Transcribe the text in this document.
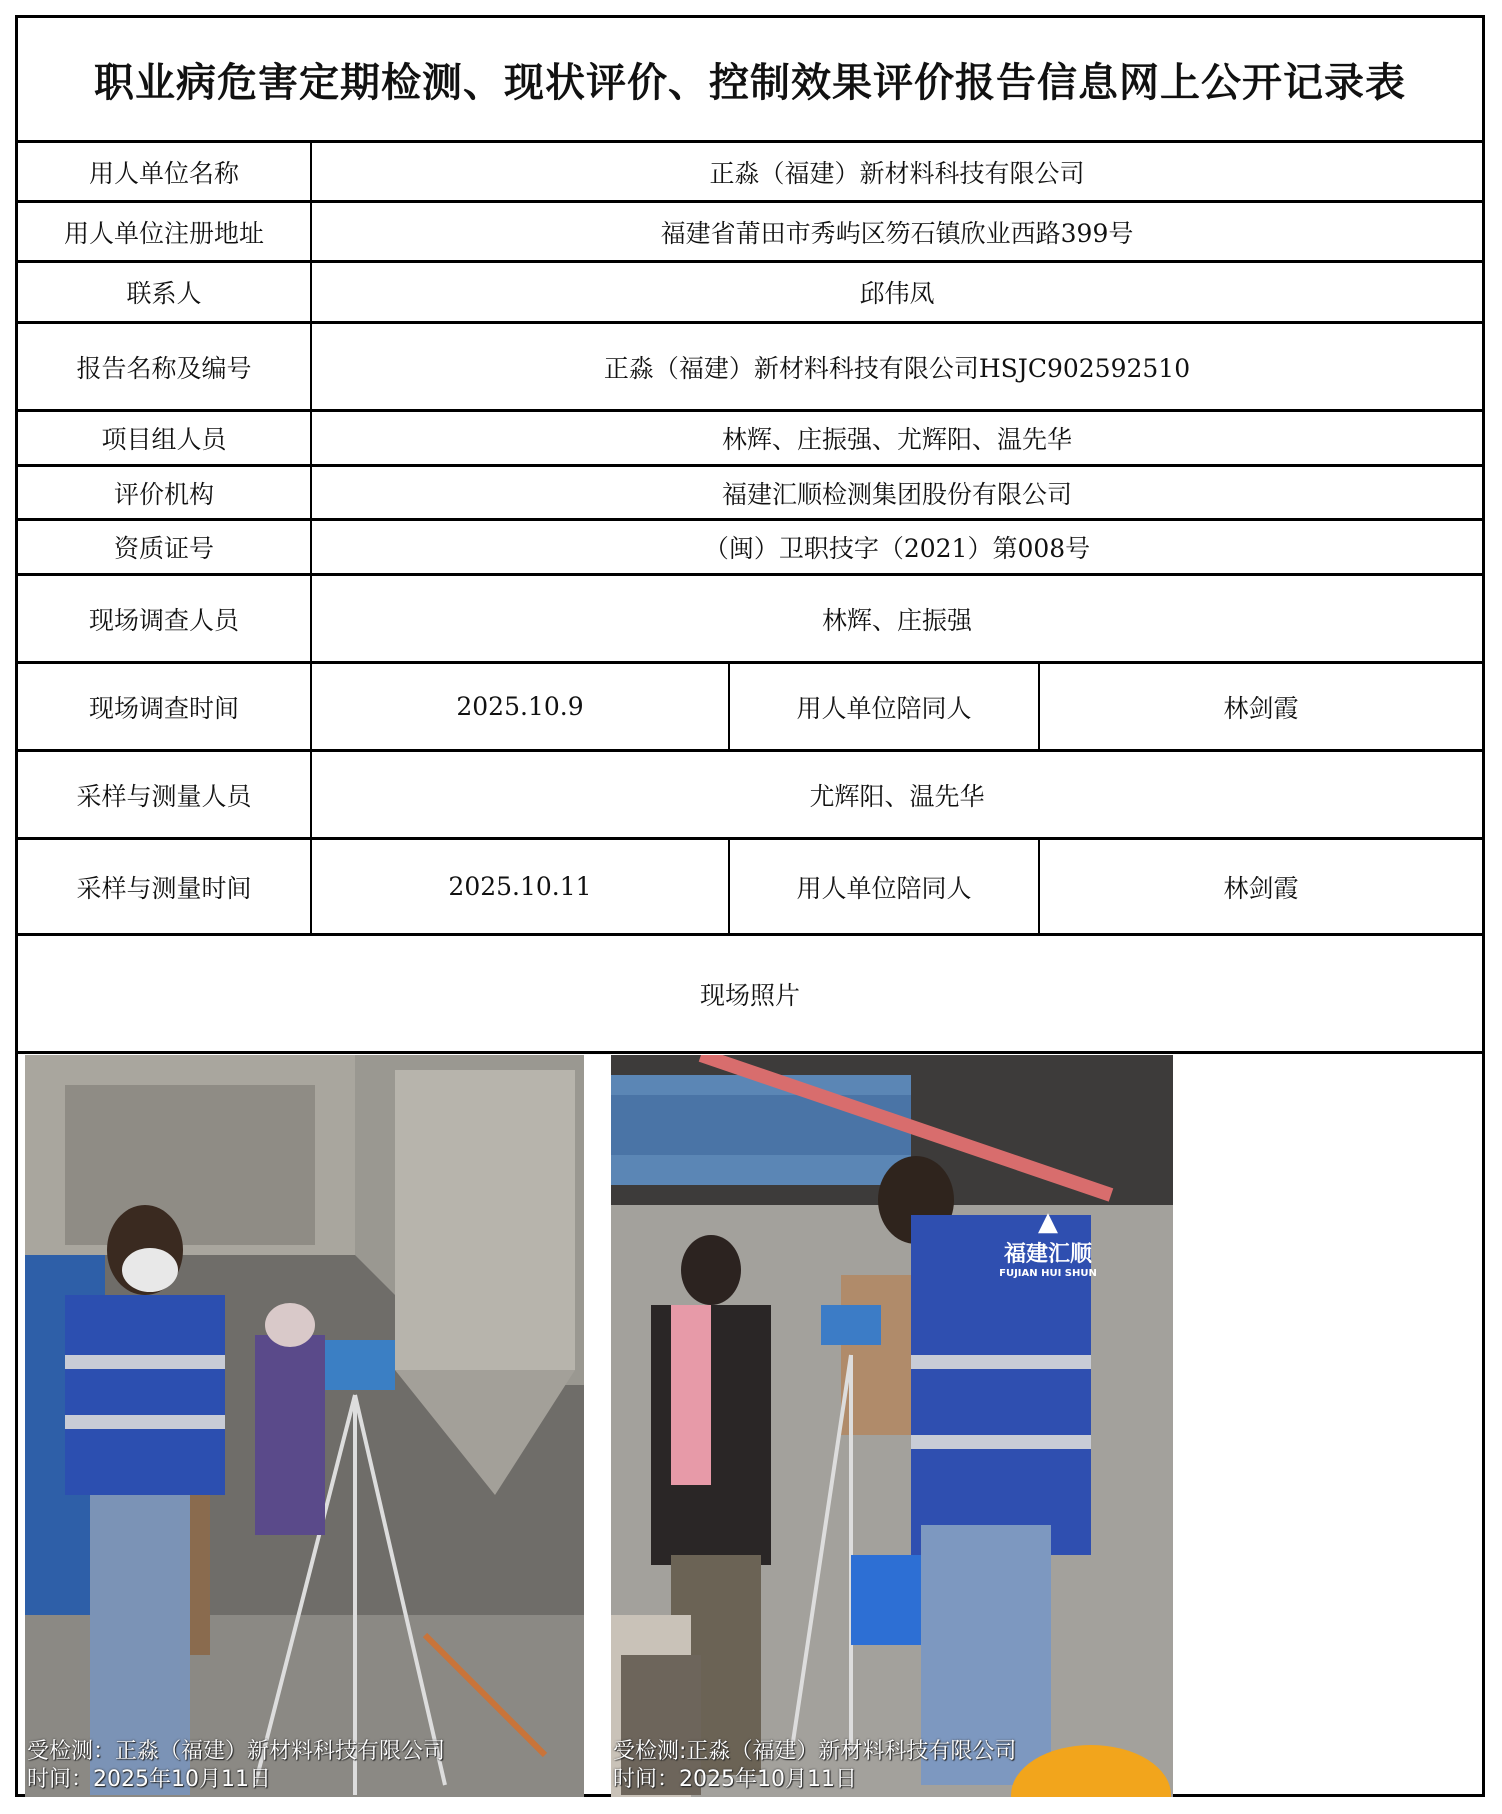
职业病危害定期检测、现状评价、控制效果评价报告信息网上公开记录表
用人单位名称	正淼（福建）新材料科技有限公司
用人单位注册地址	福建省莆田市秀屿区笏石镇欣业西路399号
联系人	邱伟凤
报告名称及编号	正淼（福建）新材料科技有限公司HSJC902592510
项目组人员	林辉、庄振强、尤辉阳、温先华
评价机构	福建汇顺检测集团股份有限公司
资质证号	（闽）卫职技字（2021）第008号
现场调查人员	林辉、庄振强
现场调查时间	2025.10.9	用人单位陪同人	林剑霞
采样与测量人员	尤辉阳、温先华
采样与测量时间	2025.10.11	用人单位陪同人	林剑霞
现场照片
受检测：正淼（福建）新材料科技有限公司
时间：2025年10月11日
▲
福建汇顺
FUJIAN HUI SHUN
受检测:正淼（福建）新材料科技有限公司
时间：2025年10月11日
